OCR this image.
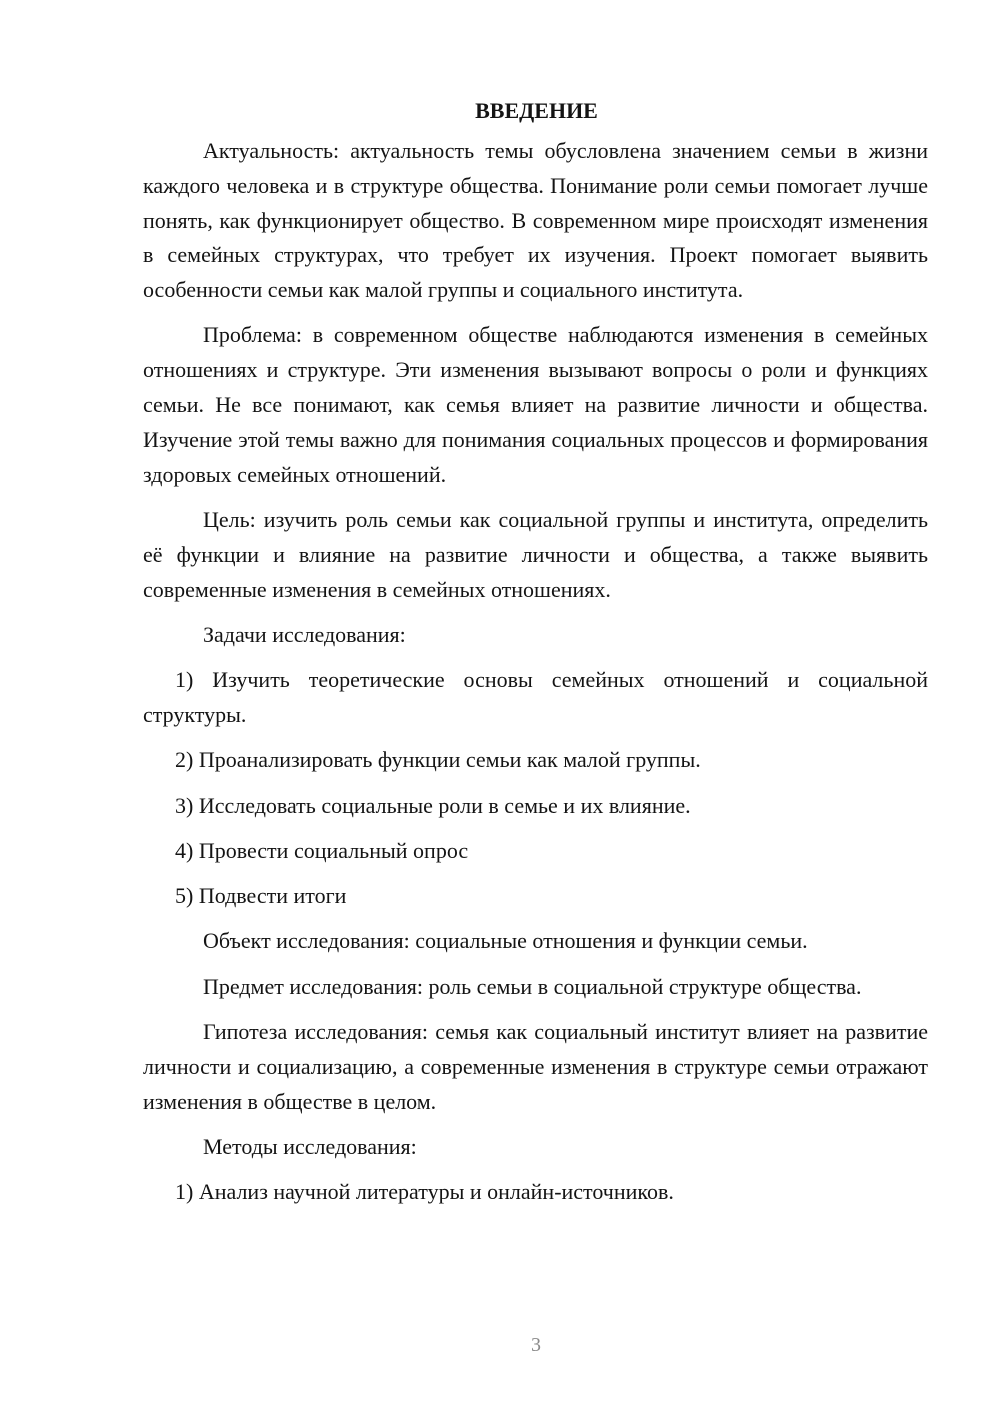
ВВЕДЕНИЕ

Актуальность: актуальность темы обусловлена значением семьи в жизни каждого человека и в структуре общества. Понимание роли семьи помогает лучше понять, как функционирует общество. В современном мире происходят изменения в семейных структурах, что требует их изучения. Проект помогает выявить особенности семьи как малой группы и социального института.

Проблема: в современном обществе наблюдаются изменения в семейных отношениях и структуре. Эти изменения вызывают вопросы о роли и функциях семьи. Не все понимают, как семья влияет на развитие личности и общества. Изучение этой темы важно для понимания социальных процессов и формирования здоровых семейных отношений.

Цель: изучить роль семьи как социальной группы и института, определить её функции и влияние на развитие личности и общества, а также выявить современные изменения в семейных отношениях.

Задачи исследования:

1) Изучить теоретические основы семейных отношений и социальной структуры.

2) Проанализировать функции семьи как малой группы.

3) Исследовать социальные роли в семье и их влияние.

4) Провести социальный опрос

5) Подвести итоги

Объект исследования: социальные отношения и функции семьи.

Предмет исследования: роль семьи в социальной структуре общества.

Гипотеза исследования: семья как социальный институт влияет на развитие личности и социализацию, а современные изменения в структуре семьи отражают изменения в обществе в целом.

Методы исследования:

1) Анализ научной литературы и онлайн-источников.

3
